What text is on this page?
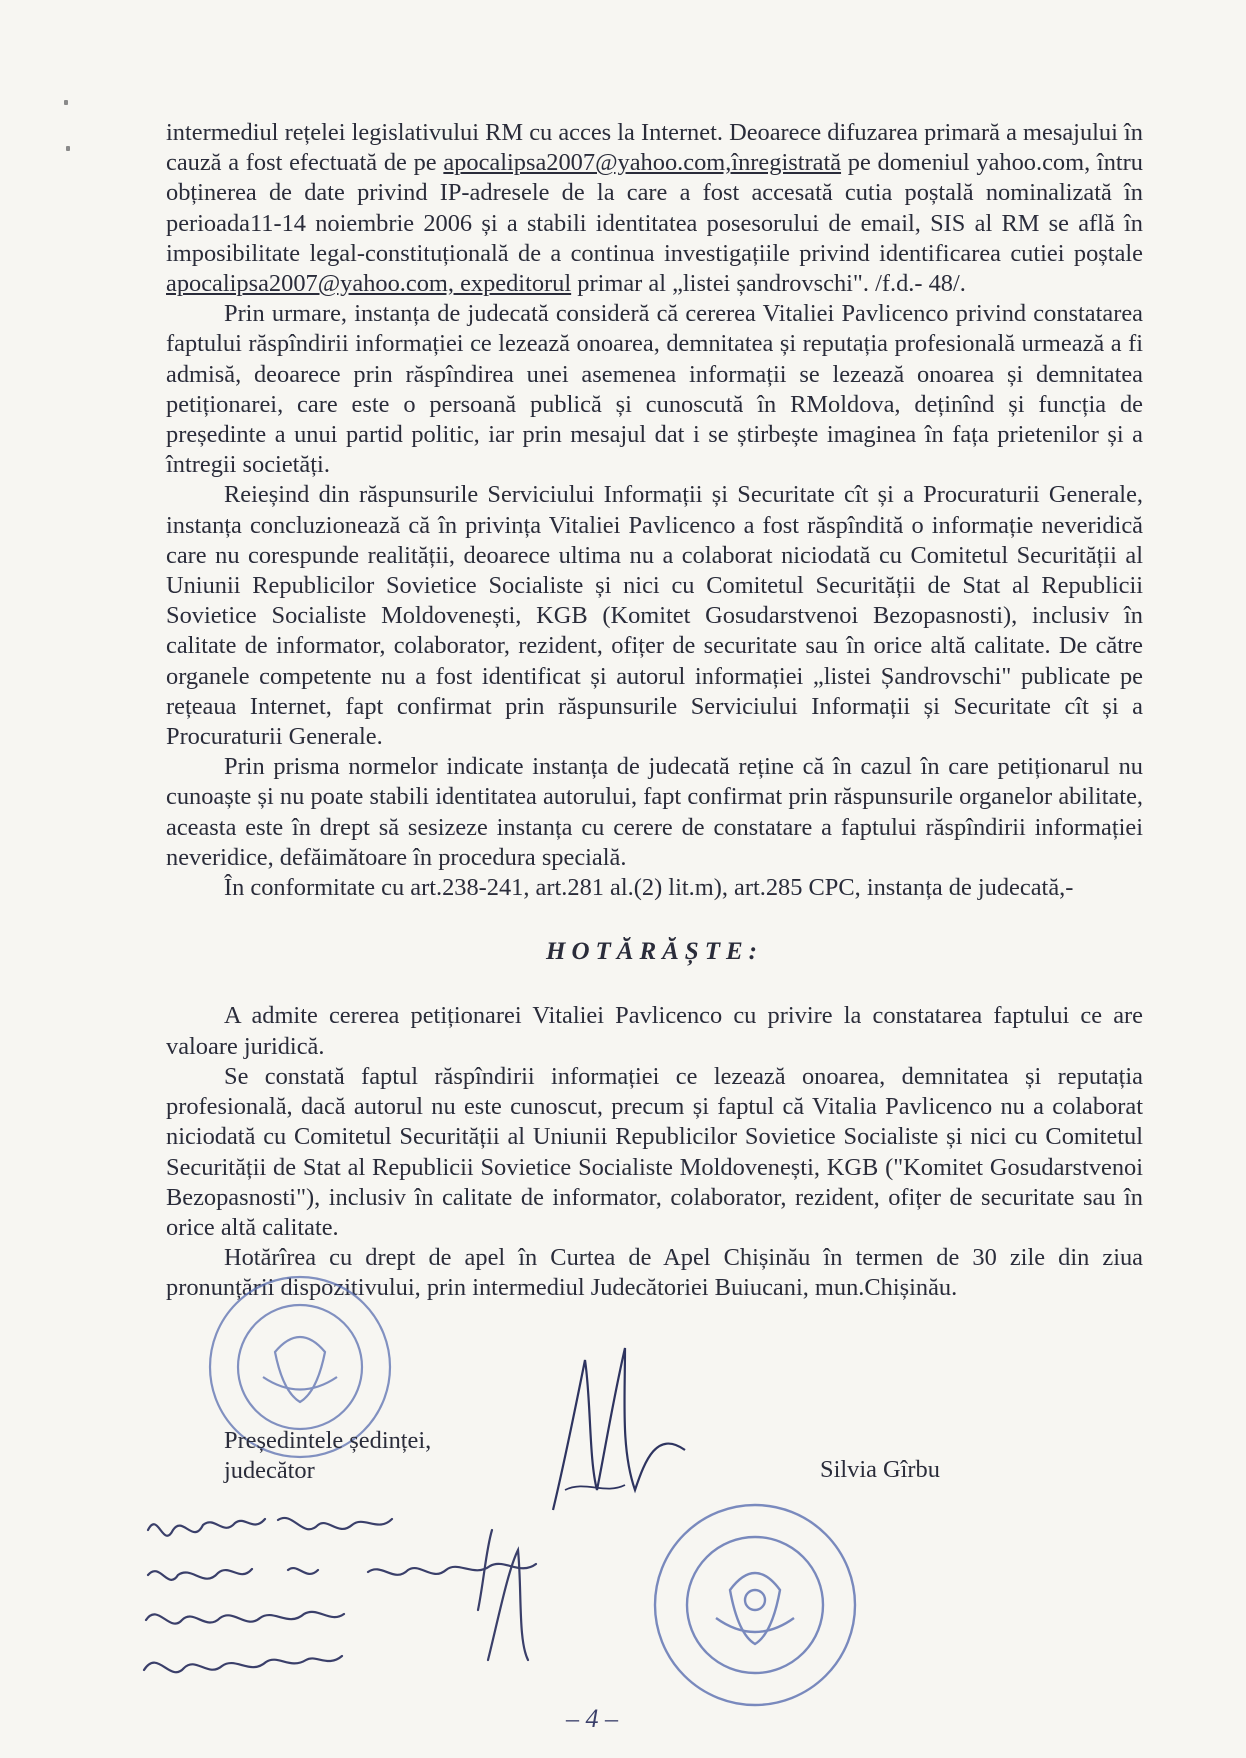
intermediul rețelei legislativului RM cu acces la Internet. Deoarece difuzarea primară a mesajului în cauză a fost efectuată de pe apocalipsa2007@yahoo.com,înregistrată pe domeniul yahoo.com, întru obținerea de date privind IP-adresele de la care a fost accesată cutia poștală nominalizată în perioada11-14 noiembrie 2006 și a stabili identitatea posesorului de email, SIS al RM se află în imposibilitate legal-constituțională de a continua investigațiile privind identificarea cutiei poștale apocalipsa2007@yahoo.com, expeditorul primar al „listei șandrovschi". /f.d.- 48/.

Prin urmare, instanța de judecată consideră că cererea Vitaliei Pavlicenco privind constatarea faptului răspîndirii informației ce lezează onoarea, demnitatea și reputația profesională urmează a fi admisă, deoarece prin răspîndirea unei asemenea informații se lezează onoarea și demnitatea petiționarei, care este o persoană publică și cunoscută în RMoldova, deținînd și funcția de președinte a unui partid politic, iar prin mesajul dat i se știrbește imaginea în fața prietenilor și a întregii societăți.

Reieșind din răspunsurile Serviciului Informații și Securitate cît și a Procuraturii Generale, instanța concluzionează că în privința Vitaliei Pavlicenco a fost răspîndită o informație neveridică care nu corespunde realității, deoarece ultima nu a colaborat niciodată cu Comitetul Securității al Uniunii Republicilor Sovietice Socialiste și nici cu Comitetul Securității de Stat al Republicii Sovietice Socialiste Moldovenești, KGB (Komitet Gosudarstvenoi Bezopasnosti), inclusiv în calitate de informator, colaborator, rezident, ofițer de securitate sau în orice altă calitate. De către organele competente nu a fost identificat și autorul informației „listei Șandrovschi" publicate pe rețeaua Internet, fapt confirmat prin răspunsurile Serviciului Informații și Securitate cît și a Procuraturii Generale.

Prin prisma normelor indicate instanța de judecată reține că în cazul în care petiționarul nu cunoaște și nu poate stabili identitatea autorului, fapt confirmat prin răspunsurile organelor abilitate, aceasta este în drept să sesizeze instanța cu cerere de constatare a faptului răspîndirii informației neveridice, defăimătoare în procedura specială.

În conformitate cu art.238-241, art.281 al.(2) lit.m), art.285 CPC, instanța de judecată,-

HOTĂRĂȘTE:

A admite cererea petiționarei Vitaliei Pavlicenco cu privire la constatarea faptului ce are valoare juridică.

Se constată faptul răspîndirii informației ce lezează onoarea, demnitatea și reputația profesională, dacă autorul nu este cunoscut, precum și faptul că Vitalia Pavlicenco nu a colaborat niciodată cu Comitetul Securității al Uniunii Republicilor Sovietice Socialiste și nici cu Comitetul Securității de Stat al Republicii Sovietice Socialiste Moldovenești, KGB ("Komitet Gosudarstvenoi Bezopasnosti"), inclusiv în calitate de informator, colaborator, rezident, ofițer de securitate sau în orice altă calitate.

Hotărîrea cu drept de apel în Curtea de Apel Chișinău în termen de 30 zile din ziua pronunțării dispozitivului, prin intermediul Judecătoriei Buiucani, mun.Chișinău.

Președintele ședinței,
judecător	Silvia Gîrbu
– 4 –
